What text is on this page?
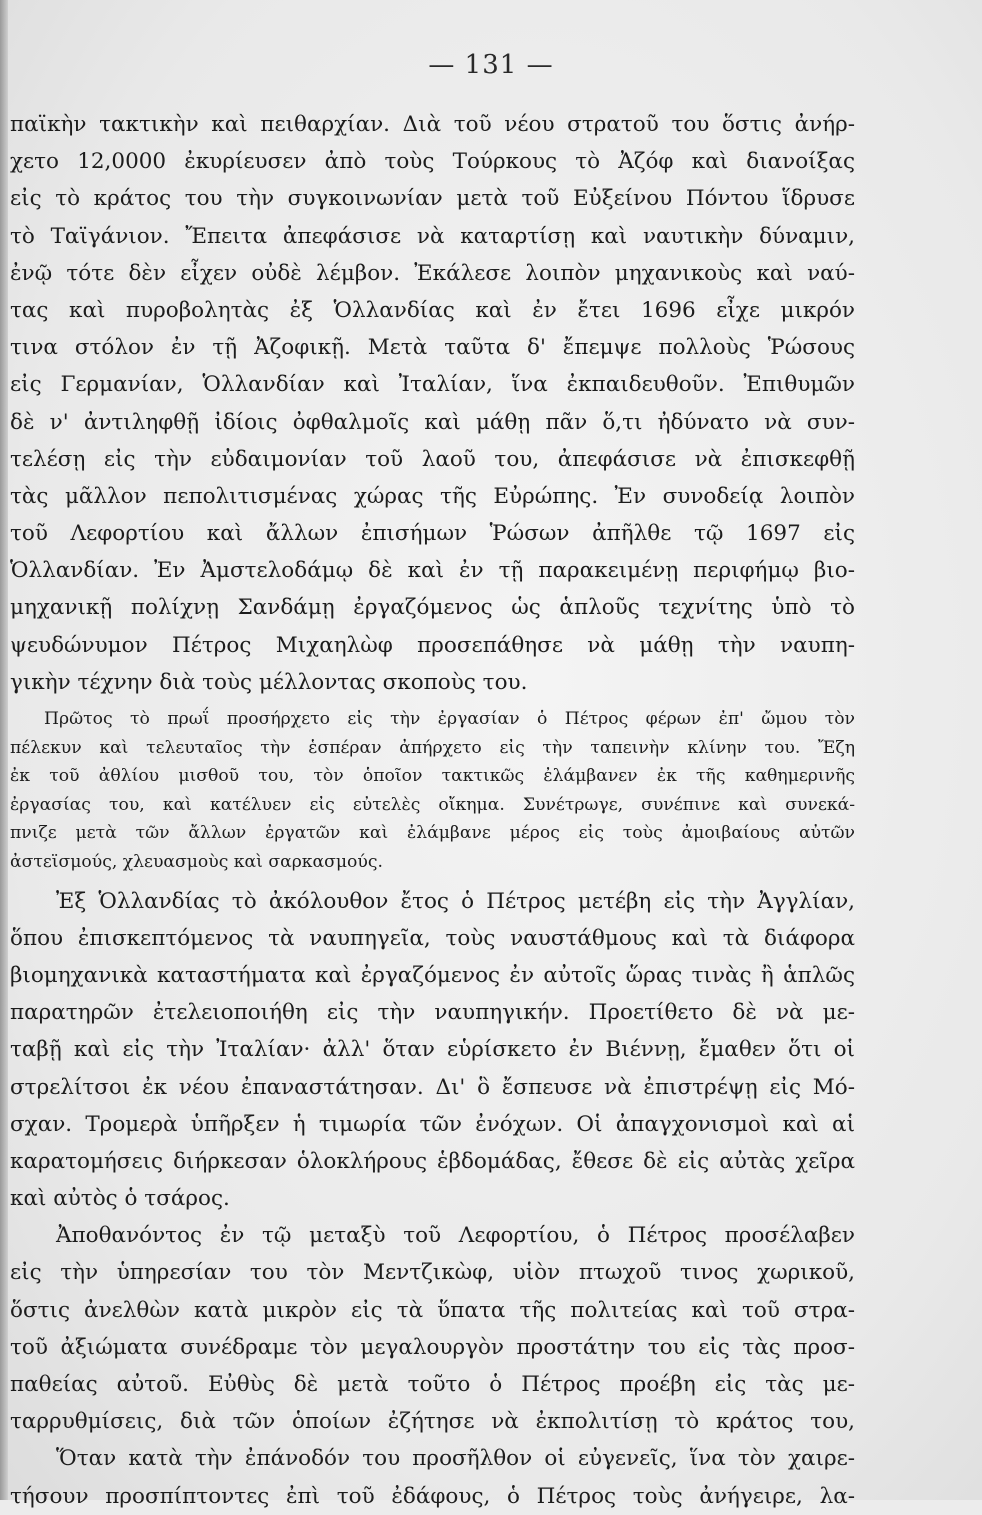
— 131 —
παϊκὴν τακτικὴν καὶ πειθαρχίαν. Διὰ τοῦ νέου στρατοῦ του ὅστις ἀνήρ-
χετο 12,0000 ἐκυρίευσεν ἀπὸ τοὺς Τούρκους τὸ Ἀζόφ καὶ διανοίξας
εἰς τὸ κράτος του τὴν συγκοινωνίαν μετὰ τοῦ Εὐξείνου Πόντου ἵδρυσε
τὸ Ταϊγάνιον. Ἔπειτα ἀπεφάσισε νὰ καταρτίσῃ καὶ ναυτικὴν δύναμιν,
ἐνῷ τότε δὲν εἶχεν οὐδὲ λέμβον. Ἐκάλεσε λοιπὸν μηχανικοὺς καὶ ναύ-
τας καὶ πυροβολητὰς ἐξ Ὁλλανδίας καὶ ἐν ἔτει 1696 εἶχε μικρόν
τινα στόλον ἐν τῇ Ἀζοφικῇ. Μετὰ ταῦτα δ' ἔπεμψε πολλοὺς Ῥώσους
εἰς Γερμανίαν, Ὁλλανδίαν καὶ Ἰταλίαν, ἵνα ἐκπαιδευθοῦν. Ἐπιθυμῶν
δὲ ν' ἀντιληφθῇ ἰδίοις ὀφθαλμοῖς καὶ μάθῃ πᾶν ὅ,τι ἠδύνατο νὰ συν-
τελέσῃ εἰς τὴν εὐδαιμονίαν τοῦ λαοῦ του, ἀπεφάσισε νὰ ἐπισκεφθῇ
τὰς μᾶλλον πεπολιτισμένας χώρας τῆς Εὐρώπης. Ἐν συνοδείᾳ λοιπὸν
τοῦ Λεφορτίου καὶ ἄλλων ἐπισήμων Ῥώσων ἀπῆλθε τῷ 1697 εἰς
Ὁλλανδίαν. Ἐν Ἀμστελοδάμῳ δὲ καὶ ἐν τῇ παρακειμένῃ περιφήμῳ βιο-
μηχανικῇ πολίχνῃ Σανδάμῃ ἐργαζόμενος ὡς ἁπλοῦς τεχνίτης ὑπὸ τὸ
ψευδώνυμον Πέτρος Μιχαηλὼφ προσεπάθησε νὰ μάθῃ τὴν ναυπη-
γικὴν τέχνην διὰ τοὺς μέλλοντας σκοποὺς του.
Πρῶτος τὸ πρωΐ προσήρχετο εἰς τὴν ἐργασίαν ὁ Πέτρος φέρων ἐπ' ὤμου τὸν
πέλεκυν καὶ τελευταῖος τὴν ἑσπέραν ἀπήρχετο εἰς τὴν ταπεινὴν κλίνην του. Ἔζη
ἐκ τοῦ ἀθλίου μισθοῦ του, τὸν ὁποῖον τακτικῶς ἐλάμβανεν ἐκ τῆς καθημερινῆς
ἐργασίας του, καὶ κατέλυεν εἰς εὐτελὲς οἴκημα. Συνέτρωγε, συνέπινε καὶ συνεκά-
πνιζε μετὰ τῶν ἄλλων ἐργατῶν καὶ ἐλάμβανε μέρος εἰς τοὺς ἀμοιβαίους αὐτῶν
ἀστεϊσμούς, χλευασμοὺς καὶ σαρκασμούς.
Ἐξ Ὁλλανδίας τὸ ἀκόλουθον ἔτος ὁ Πέτρος μετέβη εἰς τὴν Ἀγγλίαν,
ὅπου ἐπισκεπτόμενος τὰ ναυπηγεῖα, τοὺς ναυστάθμους καὶ τὰ διάφορα
βιομηχανικὰ καταστήματα καὶ ἐργαζόμενος ἐν αὐτοῖς ὥρας τινὰς ἢ ἁπλῶς
παρατηρῶν ἐτελειοποιήθη εἰς τὴν ναυπηγικήν. Προετίθετο δὲ νὰ με-
ταβῇ καὶ εἰς τὴν Ἰταλίαν· ἀλλ' ὅταν εὑρίσκετο ἐν Βιέννῃ, ἔμαθεν ὅτι οἱ
στρελίτσοι ἐκ νέου ἐπαναστάτησαν. Δι' ὃ ἔσπευσε νὰ ἐπιστρέψῃ εἰς Μό-
σχαν. Τρομερὰ ὑπῆρξεν ἡ τιμωρία τῶν ἐνόχων. Οἱ ἀπαγχονισμοὶ καὶ αἱ
καρατομήσεις διήρκεσαν ὁλοκλήρους ἑβδομάδας, ἔθεσε δὲ εἰς αὐτὰς χεῖρα
καὶ αὐτὸς ὁ τσάρος.
Ἀποθανόντος ἐν τῷ μεταξὺ τοῦ Λεφορτίου, ὁ Πέτρος προσέλαβεν
εἰς τὴν ὑπηρεσίαν του τὸν Μεντζικὼφ, υἱὸν πτωχοῦ τινος χωρικοῦ,
ὅστις ἀνελθὼν κατὰ μικρὸν εἰς τὰ ὕπατα τῆς πολιτείας καὶ τοῦ στρα-
τοῦ ἀξιώματα συνέδραμε τὸν μεγαλουργὸν προστάτην του εἰς τὰς προσ-
παθείας αὐτοῦ. Εὐθὺς δὲ μετὰ τοῦτο ὁ Πέτρος προέβη εἰς τὰς με-
ταρρυθμίσεις, διὰ τῶν ὁποίων ἐζήτησε νὰ ἐκπολιτίσῃ τὸ κράτος του,
Ὅταν κατὰ τὴν ἐπάνοδόν του προσῆλθον οἱ εὐγενεῖς, ἵνα τὸν χαιρε-
τήσουν προσπίπτοντες ἐπὶ τοῦ ἐδάφους, ὁ Πέτρος τοὺς ἀνήγειρε, λα-
